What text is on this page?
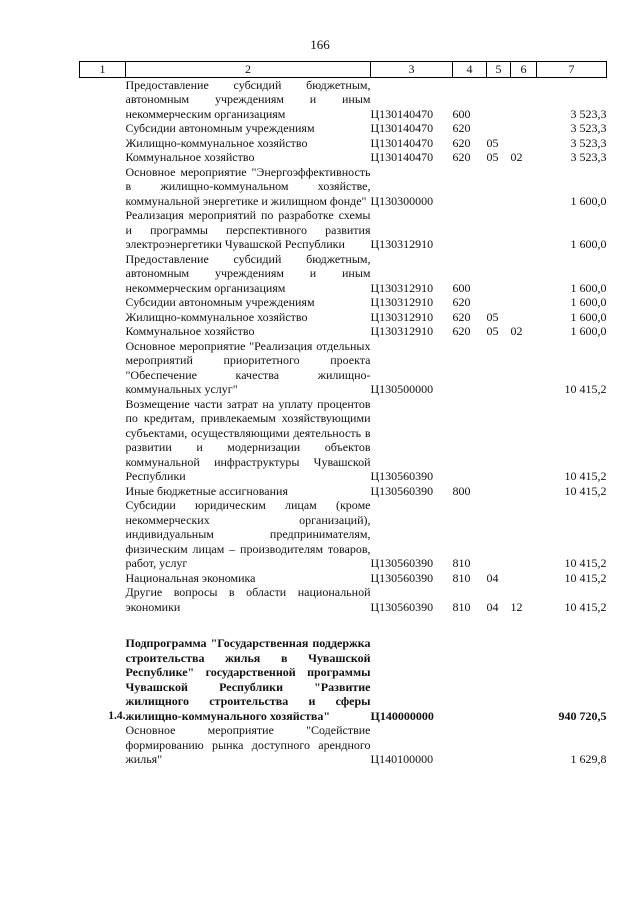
166
1	2	3	4	5	6	7
	Предоставление субсидий бюджетным, автономным учреждениям и иным некоммерческим организациям	Ц130140470	600			3 523,3
	Субсидии автономным учреждениям	Ц130140470	620			3 523,3
	Жилищно-коммунальное хозяйство	Ц130140470	620	05		3 523,3
	Коммунальное хозяйство	Ц130140470	620	05	02	3 523,3
	Основное мероприятие "Энергоэффективность в жилищно-коммунальном хозяйстве, коммунальной энергетике и жилищном фонде"	Ц130300000				1 600,0
	Реализация мероприятий по разработке схемы и программы перспективного развития электроэнергетики Чувашской Республики	Ц130312910				1 600,0
	Предоставление субсидий бюджетным, автономным учреждениям и иным некоммерческим организациям	Ц130312910	600			1 600,0
	Субсидии автономным учреждениям	Ц130312910	620			1 600,0
	Жилищно-коммунальное хозяйство	Ц130312910	620	05		1 600,0
	Коммунальное хозяйство	Ц130312910	620	05	02	1 600,0
	Основное мероприятие "Реализация отдельных мероприятий приоритетного проекта "Обеспечение качества жилищно-коммунальных услуг"	Ц130500000				10 415,2
	Возмещение части затрат на уплату процентов по кредитам, привлекаемым хозяйствующими субъектами, осуществляющими деятельность в развитии и модернизации объектов коммунальной инфраструктуры Чувашской Республики	Ц130560390				10 415,2
	Иные бюджетные ассигнования	Ц130560390	800			10 415,2
	Субсидии юридическим лицам (кроме некоммерческих организаций), индивидуальным предпринимателям, физическим лицам – производителям товаров, работ, услуг	Ц130560390	810			10 415,2
	Национальная экономика	Ц130560390	810	04		10 415,2
	Другие вопросы в области национальной экономики	Ц130560390	810	04	12	10 415,2

1.4.	Подпрограмма "Государственная поддержка строительства жилья в Чувашской Республике" государственной программы Чувашской Республики "Развитие жилищного строительства и сферы жилищно-коммунального хозяйства"	Ц140000000				940 720,5
	Основное мероприятие "Содействие формированию рынка доступного арендного жилья"	Ц140100000				1 629,8
